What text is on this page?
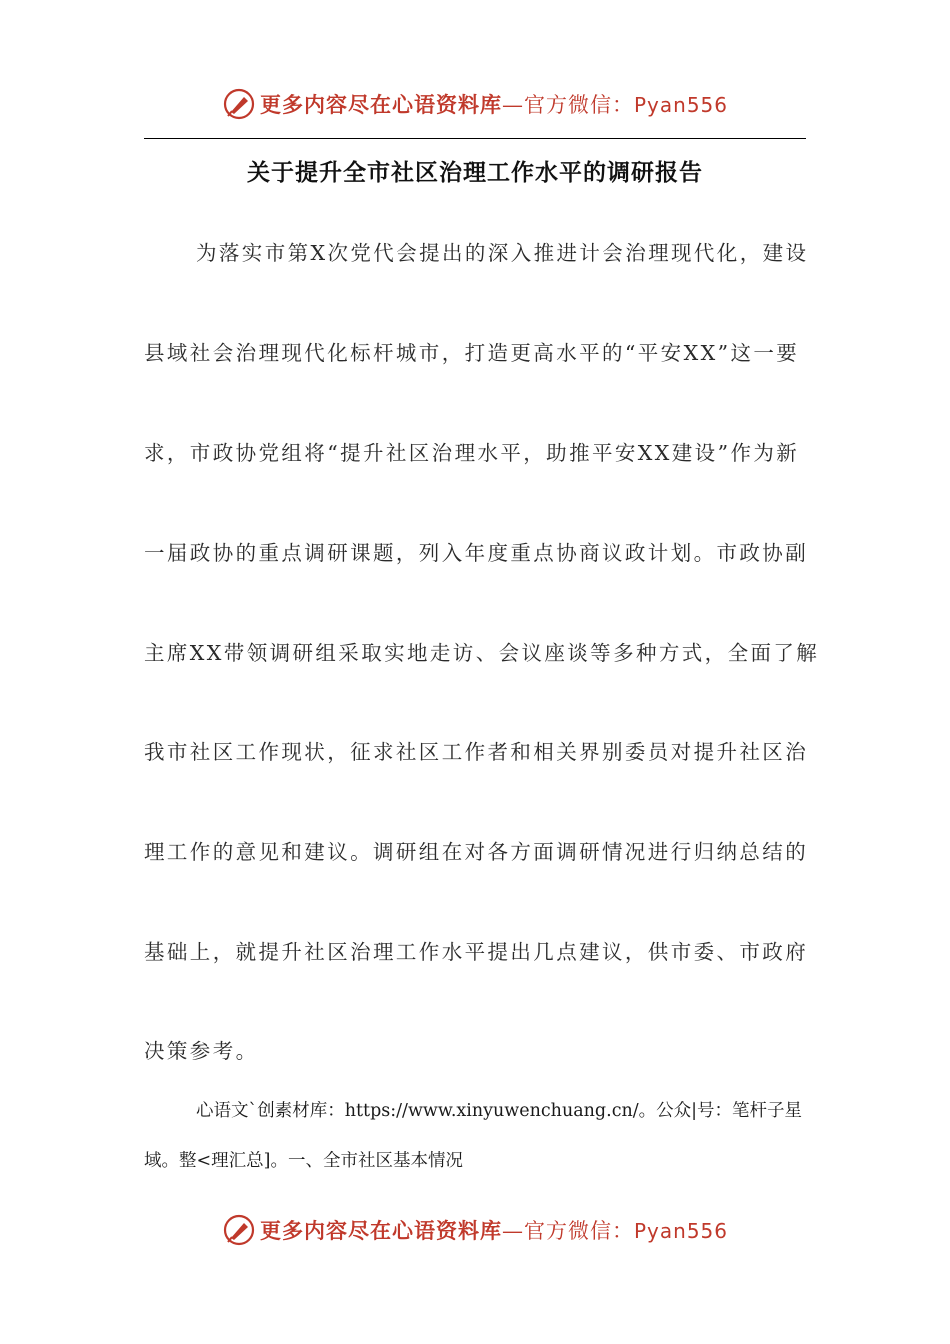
更多内容尽在心语资料库—官方微信：Pyan556
关于提升全市社区治理工作水平的调研报告
为落实市第X次党代会提出的深入推进计会治理现代化，建设
县域社会治理现代化标杆城市，打造更高水平的“平安XX”这一要
求，市政协党组将“提升社区治理水平，助推平安XX建设”作为新
一届政协的重点调研课题，列入年度重点协商议政计划。市政协副
主席XX带领调研组采取实地走访、会议座谈等多种方式，全面了解
我市社区工作现状，征求社区工作者和相关界别委员对提升社区治
理工作的意见和建议。调研组在对各方面调研情况进行归纳总结的
基础上，就提升社区治理工作水平提出几点建议，供市委、市政府
决策参考。
心语文`创素材库：https://www.xinyuwenchuang.cn/。公众|号：笔杆子星
域。整<理汇总]。一、全市社区基本情况
更多内容尽在心语资料库—官方微信：Pyan556
